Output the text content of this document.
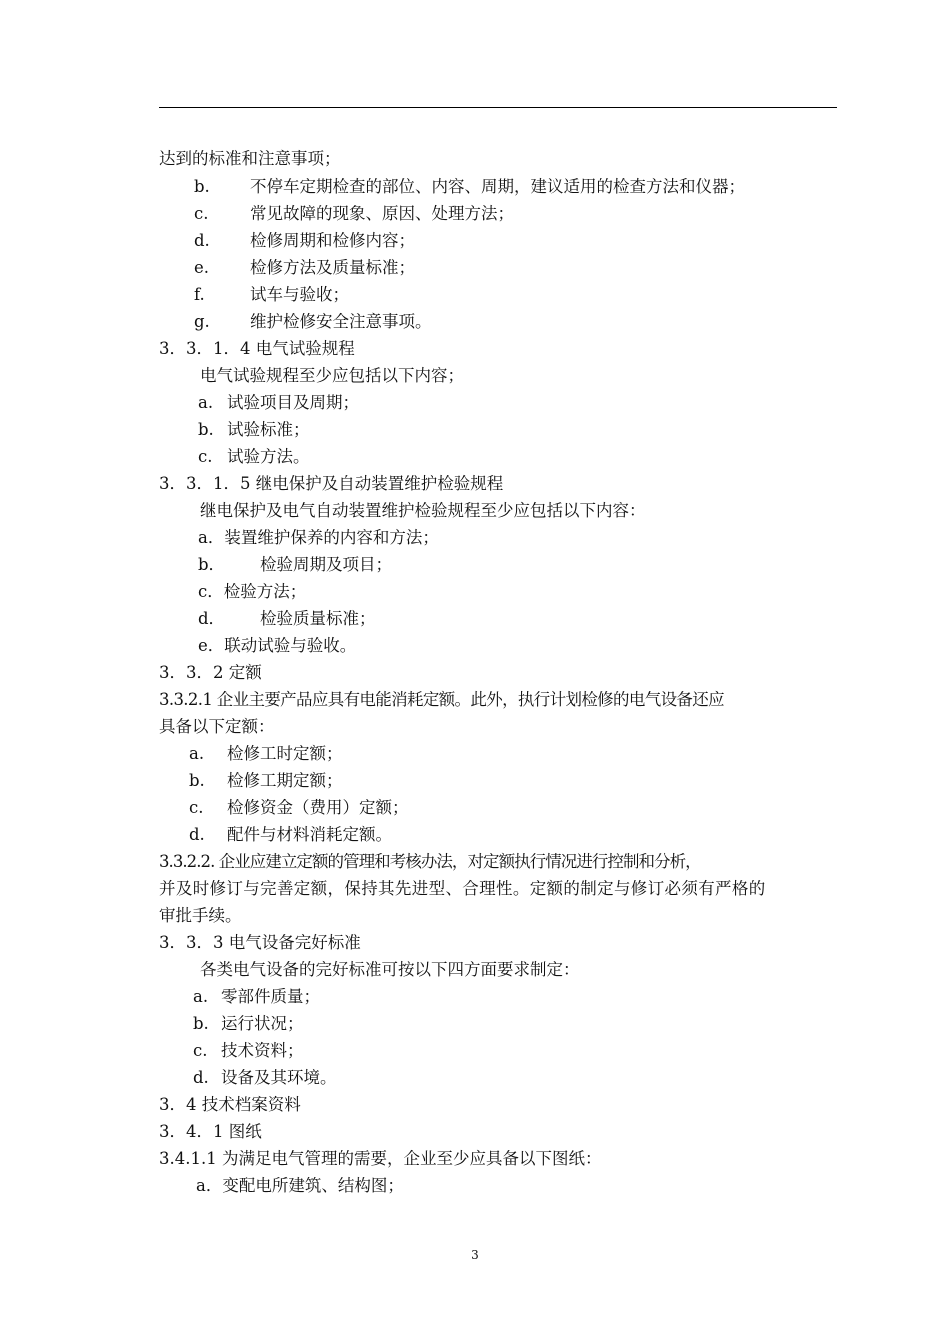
达到的标准和注意事项；
b. 不停车定期检查的部位、内容、周期，建议适用的检查方法和仪器；
c.	常见故障的现象、原因、处理方法；
d. 检修周期和检修内容；
e. 检修方法及质量标准；
f.	试车与验收；
g. 维护检修安全注意事项。
3．3．1．4 电气试验规程
电气试验规程至少应包括以下内容；
a. 试验项目及周期；
b. 试验标准；
c. 试验方法。
3．3．1．5 继电保护及自动装置维护检验规程
继电保护及电气自动装置维护检验规程至少应包括以下内容：
a．装置维护保养的内容和方法；
b． 检验周期及项目；
c．检验方法；
d． 检验质量标准；
e．联动试验与验收。
3．3．2 定额
3.3.2.1 企业主要产品应具有电能消耗定额。此外，执行计划检修的电气设备还应
具备以下定额：
a. 检修工时定额；
b. 检修工期定额；
c. 检修资金（费用）定额；
d. 配件与材料消耗定额。
3.3.2.2. 企业应建立定额的管理和考核办法，对定额执行情况进行控制和分析，
并及时修订与完善定额，保持其先进型、合理性。定额的制定与修订必须有严格的
审批手续。
3．3．3 电气设备完好标准
各类电气设备的完好标准可按以下四方面要求制定：
a. 零部件质量；
b. 运行状况；
c. 技术资料；
d. 设备及其环境。
3．4 技术档案资料
3．4．1 图纸
3.4.1.1 为满足电气管理的需要，企业至少应具备以下图纸：
a．变配电所建筑、结构图；
3
